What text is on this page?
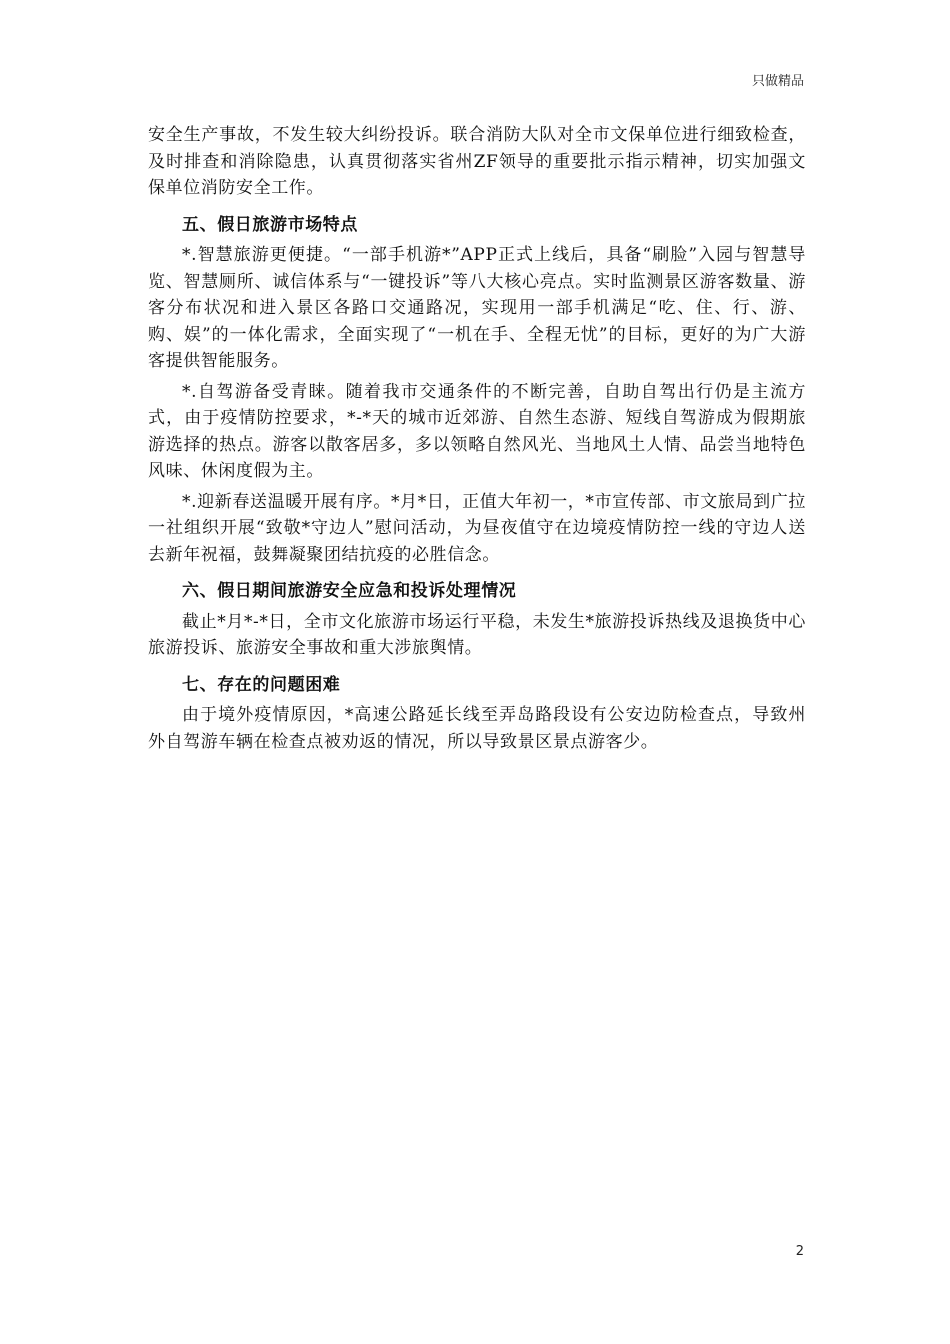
只做精品

安全生产事故，不发生较大纠纷投诉。联合消防大队对全市文保单位进行细致检查，及时排查和消除隐患，认真贯彻落实省州ZF领导的重要批示指示精神，切实加强文保单位消防安全工作。

五、假日旅游市场特点

*.智慧旅游更便捷。“一部手机游*”APP正式上线后，具备“刷脸”入园与智慧导览、智慧厕所、诚信体系与“一键投诉”等八大核心亮点。实时监测景区游客数量、游客分布状况和进入景区各路口交通路况，实现用一部手机满足“吃、住、行、游、购、娱”的一体化需求，全面实现了“一机在手、全程无忧”的目标，更好的为广大游客提供智能服务。

*.自驾游备受青睐。随着我市交通条件的不断完善，自助自驾出行仍是主流方式，由于疫情防控要求，*-*天的城市近郊游、自然生态游、短线自驾游成为假期旅游选择的热点。游客以散客居多，多以领略自然风光、当地风土人情、品尝当地特色风味、休闲度假为主。

*.迎新春送温暖开展有序。*月*日，正值大年初一，*市宣传部、市文旅局到广拉一社组织开展“致敬*守边人”慰问活动，为昼夜值守在边境疫情防控一线的守边人送去新年祝福，鼓舞凝聚团结抗疫的必胜信念。

六、假日期间旅游安全应急和投诉处理情况

截止*月*-*日，全市文化旅游市场运行平稳，未发生*旅游投诉热线及退换货中心旅游投诉、旅游安全事故和重大涉旅舆情。

七、存在的问题困难

由于境外疫情原因，*高速公路延长线至弄岛路段设有公安边防检查点，导致州外自驾游车辆在检查点被劝返的情况，所以导致景区景点游客少。

2
